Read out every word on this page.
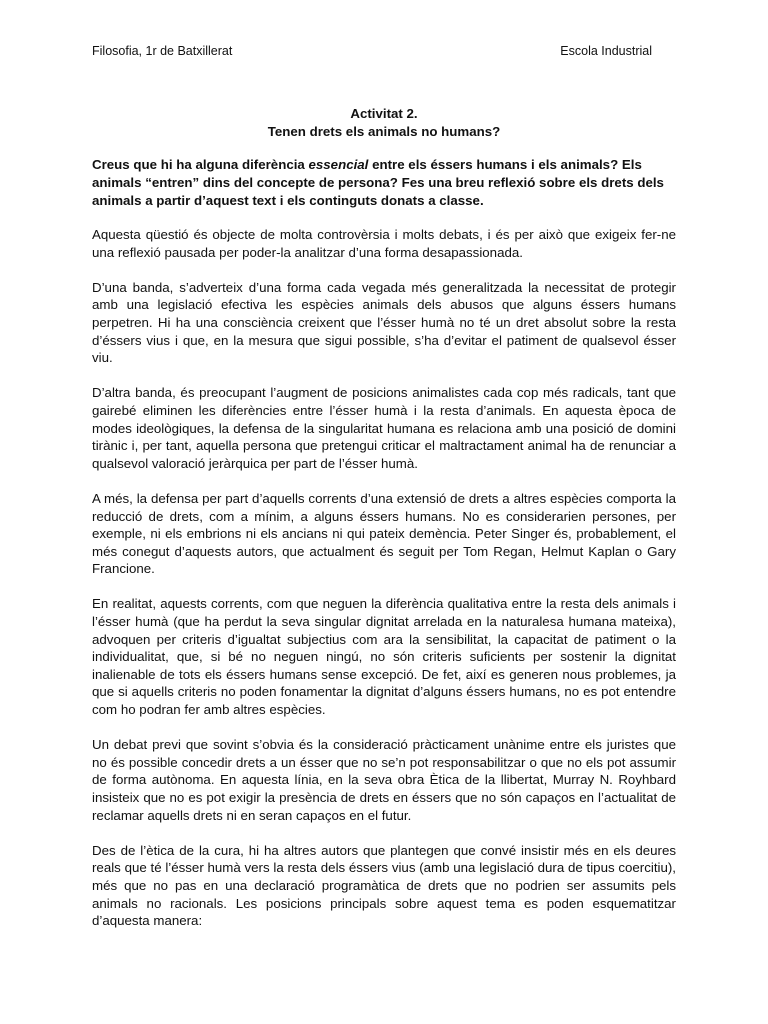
Filosofia, 1r de Batxillerat	Escola Industrial
Activitat 2.
Tenen drets els animals no humans?
Creus que hi ha alguna diferència essencial entre els éssers humans i els animals? Els animals “entren” dins del concepte de persona? Fes una breu reflexió sobre els drets dels animals a partir d’aquest text i els continguts donats a classe.

Aquesta qüestió és objecte de molta controvèrsia i molts debats, i és per això que exigeix fer-ne una reflexió pausada per poder-la analitzar d’una forma desapassionada.

D’una banda, s’adverteix d’una forma cada vegada més generalitzada la necessitat de protegir amb una legislació efectiva les espècies animals dels abusos que alguns éssers humans perpetren. Hi ha una consciència creixent que l’ésser humà no té un dret absolut sobre la resta d’éssers vius i que, en la mesura que sigui possible, s’ha d’evitar el patiment de qualsevol ésser viu.

D’altra banda, és preocupant l’augment de posicions animalistes cada cop més radicals, tant que gairebé eliminen les diferències entre l’ésser humà i la resta d’animals. En aquesta època de modes ideològiques, la defensa de la singularitat humana es relaciona amb una posició de domini tirànic i, per tant, aquella persona que pretengui criticar el maltractament animal ha de renunciar a qualsevol valoració jeràrquica per part de l’ésser humà.

A més, la defensa per part d’aquells corrents d’una extensió de drets a altres espècies comporta la reducció de drets, com a mínim, a alguns éssers humans. No es considerarien persones, per exemple, ni els embrions ni els ancians ni qui pateix demència. Peter Singer és, probablement, el més conegut d’aquests autors, que actualment és seguit per Tom Regan, Helmut Kaplan o Gary Francione.

En realitat, aquests corrents, com que neguen la diferència qualitativa entre la resta dels animals i l’ésser humà (que ha perdut la seva singular dignitat arrelada en la naturalesa humana mateixa), advoquen per criteris d’igualtat subjectius com ara la sensibilitat, la capacitat de patiment o la individualitat, que, si bé no neguen ningú, no són criteris suficients per sostenir la dignitat inalienable de tots els éssers humans sense excepció. De fet, així es generen nous problemes, ja que si aquells criteris no poden fonamentar la dignitat d’alguns éssers humans, no es pot entendre com ho podran fer amb altres espècies.

Un debat previ que sovint s’obvia és la consideració pràcticament unànime entre els juristes que no és possible concedir drets a un ésser que no se’n pot responsabilitzar o que no els pot assumir de forma autònoma. En aquesta línia, en la seva obra Ètica de la llibertat, Murray N. Royhbard insisteix que no es pot exigir la presència de drets en éssers que no són capaços en l’actualitat de reclamar aquells drets ni en seran capaços en el futur.

Des de l’ètica de la cura, hi ha altres autors que plantegen que convé insistir més en els deures reals que té l’ésser humà vers la resta dels éssers vius (amb una legislació dura de tipus coercitiu), més que no pas en una declaració programàtica de drets que no podrien ser assumits pels animals no racionals. Les posicions principals sobre aquest tema es poden esquematitzar d’aquesta manera:
